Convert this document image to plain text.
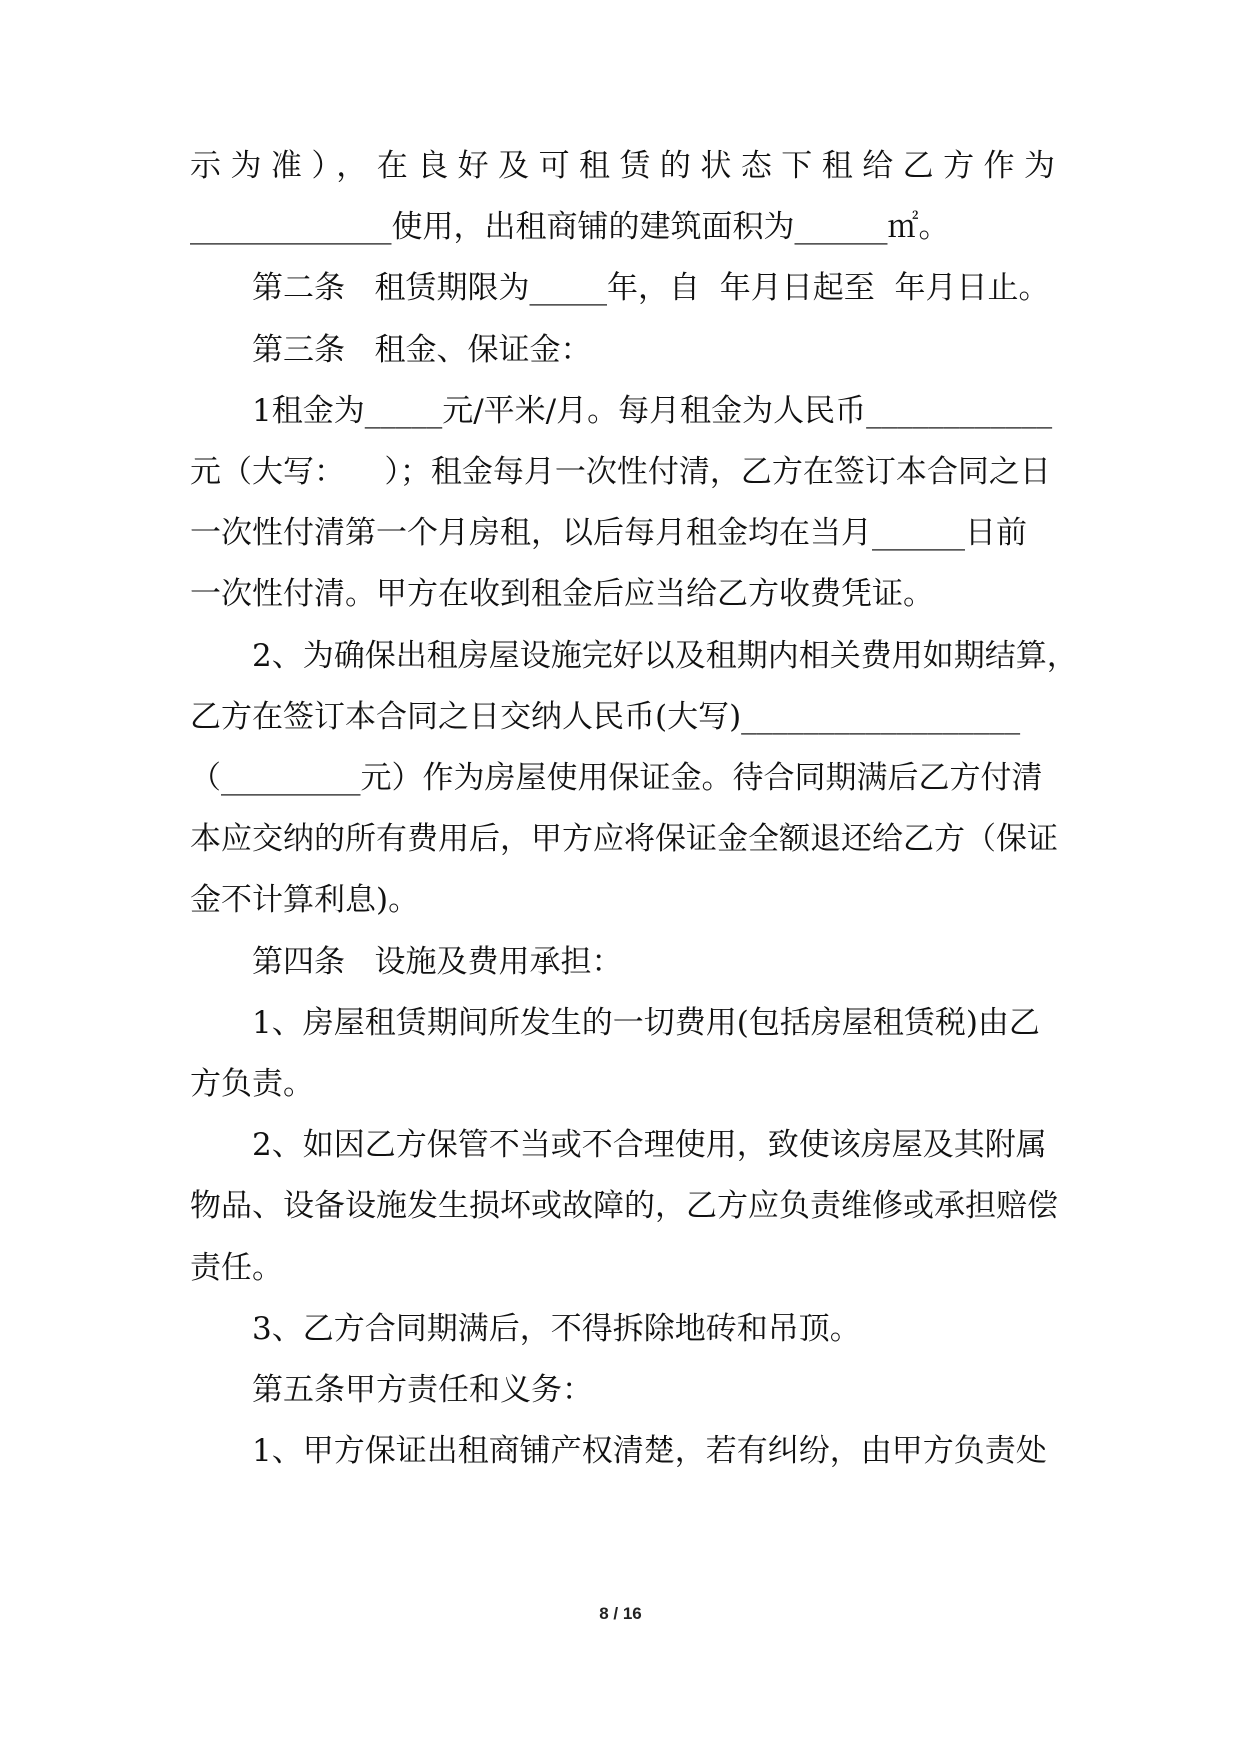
示为准），在良好及可租赁的状态下租给乙方作为
_____________使用，出租商铺的建筑面积为______㎡。
第二条   租赁期限为_____年，自  年月日起至  年月日止。
第三条   租金、保证金：
1租金为_____元/平米/月。每月租金为人民币____________
元（大写：    ）；租金每月一次性付清，乙方在签订本合同之日
一次性付清第一个月房租，以后每月租金均在当月______日前
一次性付清。甲方在收到租金后应当给乙方收费凭证。
2、为确保出租房屋设施完好以及租期内相关费用如期结算，
乙方在签订本合同之日交纳人民币(大写)__________________
（_________元）作为房屋使用保证金。待合同期满后乙方付清
本应交纳的所有费用后，甲方应将保证金全额退还给乙方（保证
金不计算利息)。
第四条   设施及费用承担：
1、房屋租赁期间所发生的一切费用(包括房屋租赁税)由乙
方负责。
2、如因乙方保管不当或不合理使用，致使该房屋及其附属
物品、设备设施发生损坏或故障的，乙方应负责维修或承担赔偿
责任。
3、乙方合同期满后，不得拆除地砖和吊顶。
第五条甲方责任和义务：
1、甲方保证出租商铺产权清楚，若有纠纷，由甲方负责处
8 / 16
